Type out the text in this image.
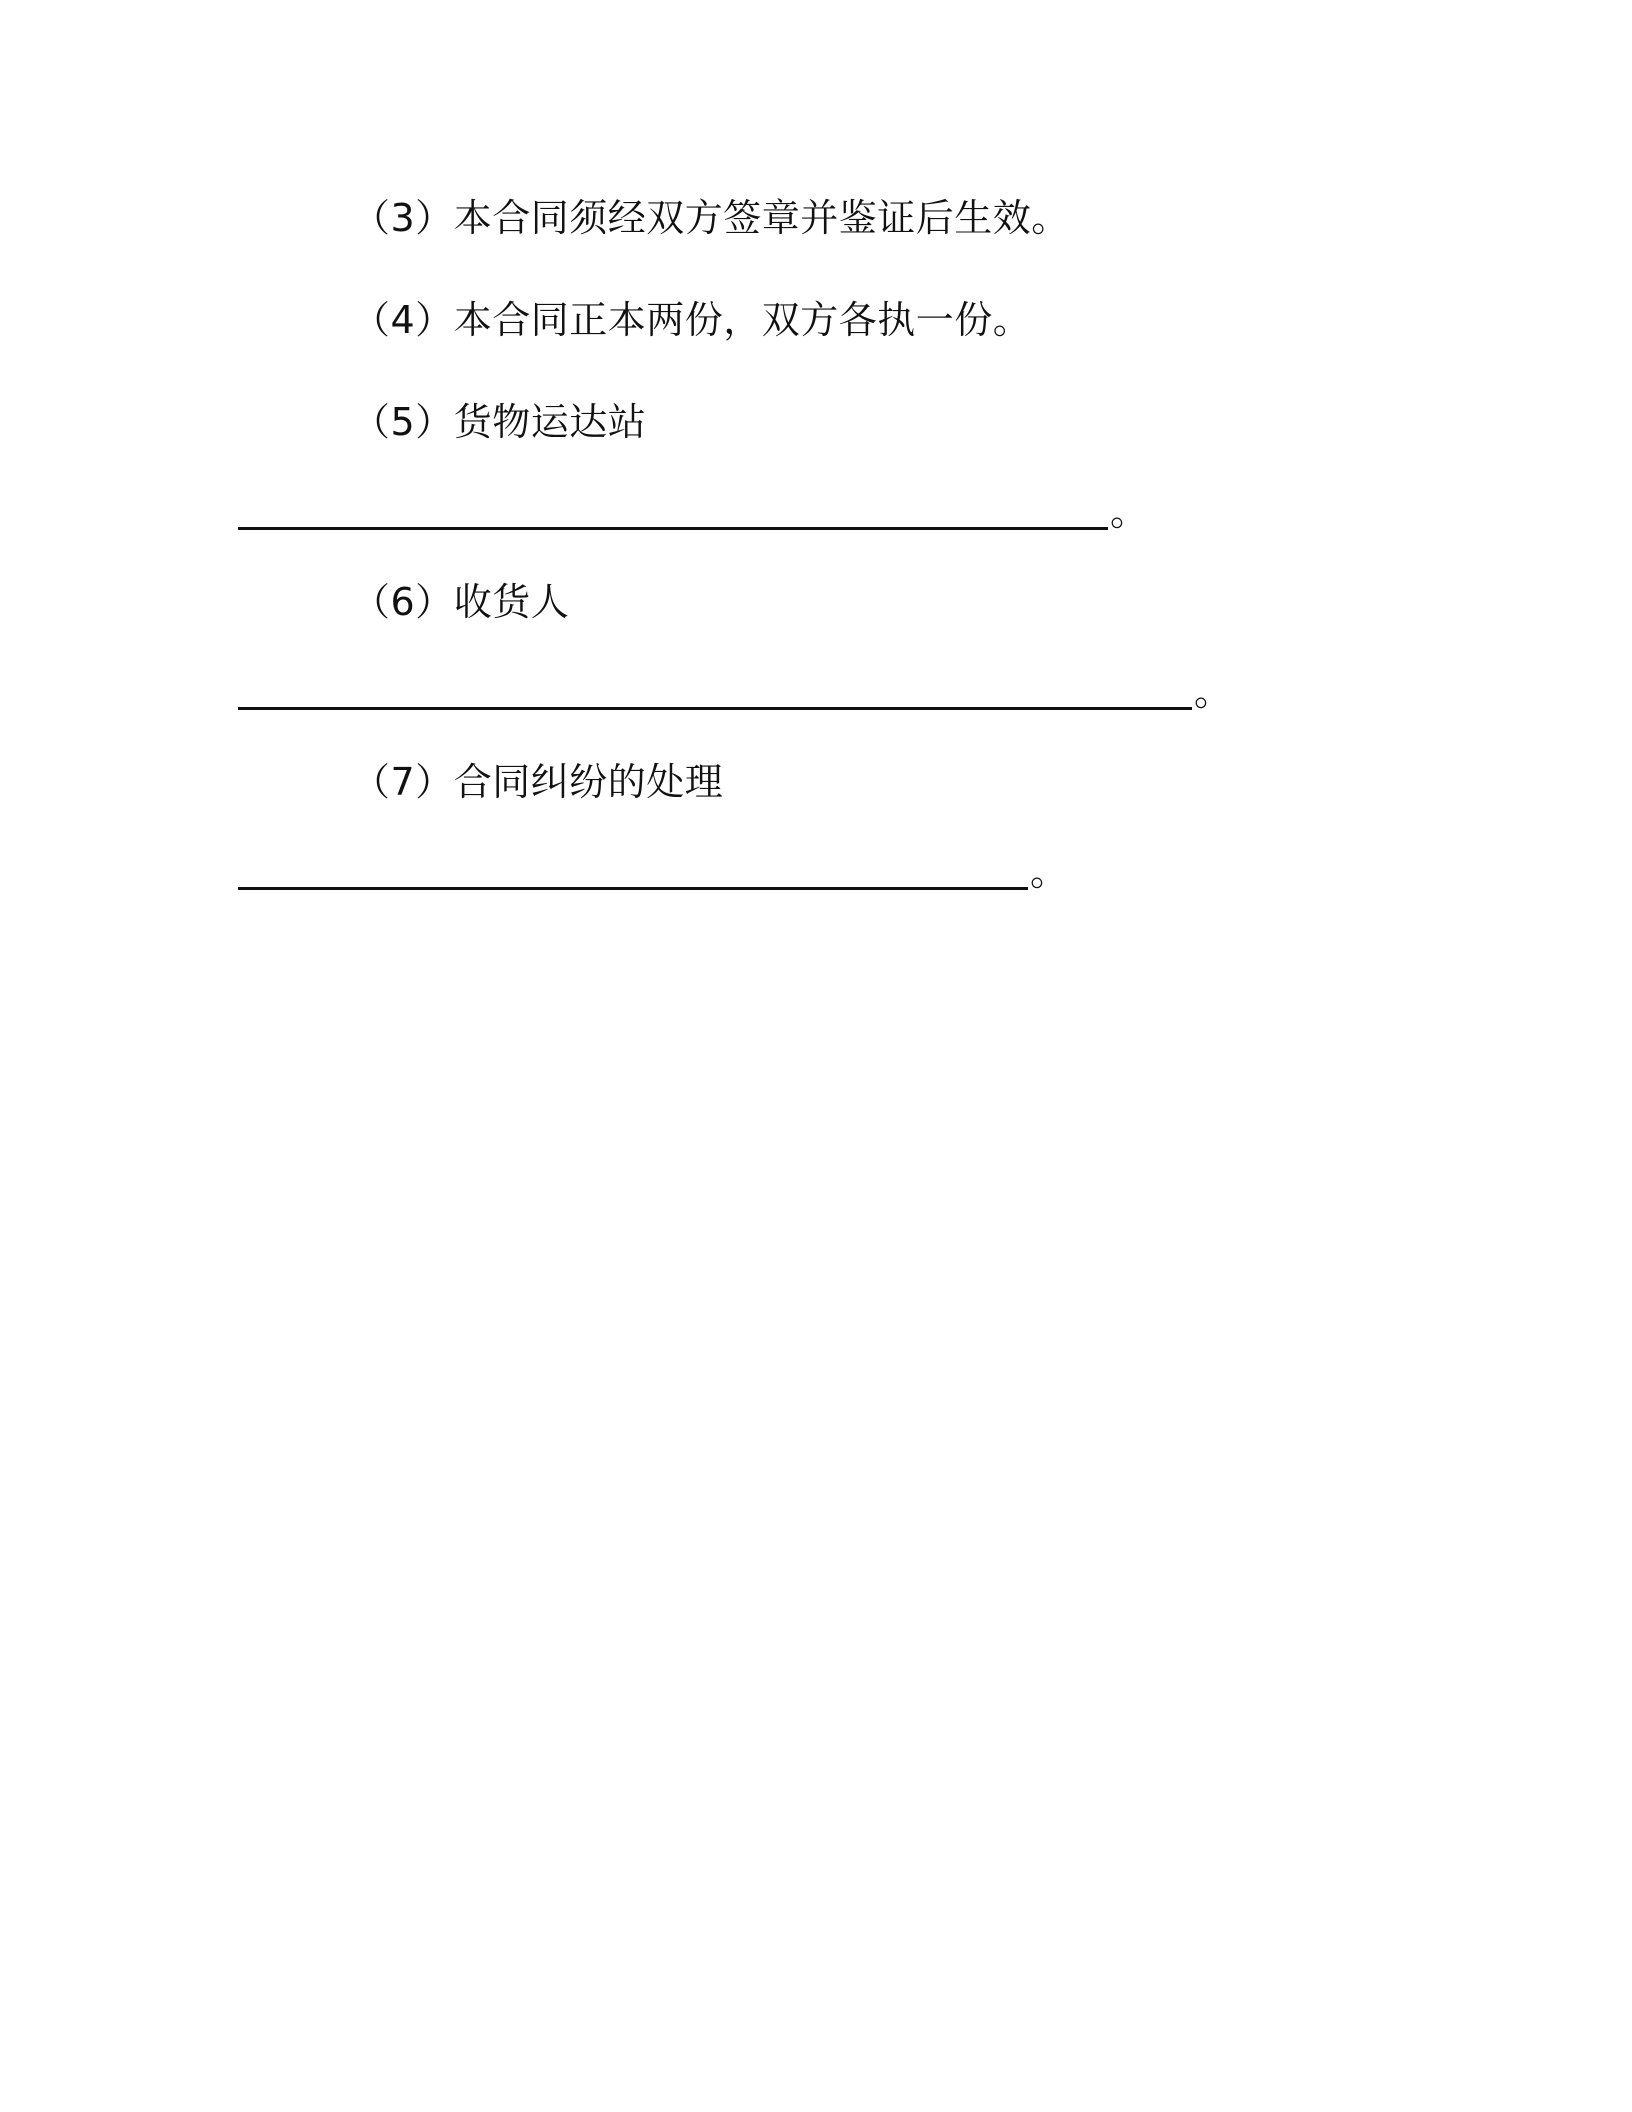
（3）本合同须经双方签章并鉴证后生效。
（4）本合同正本两份，双方各执一份。
（5）货物运达站
。
（6）收货人
。
（7）合同纠纷的处理
。
